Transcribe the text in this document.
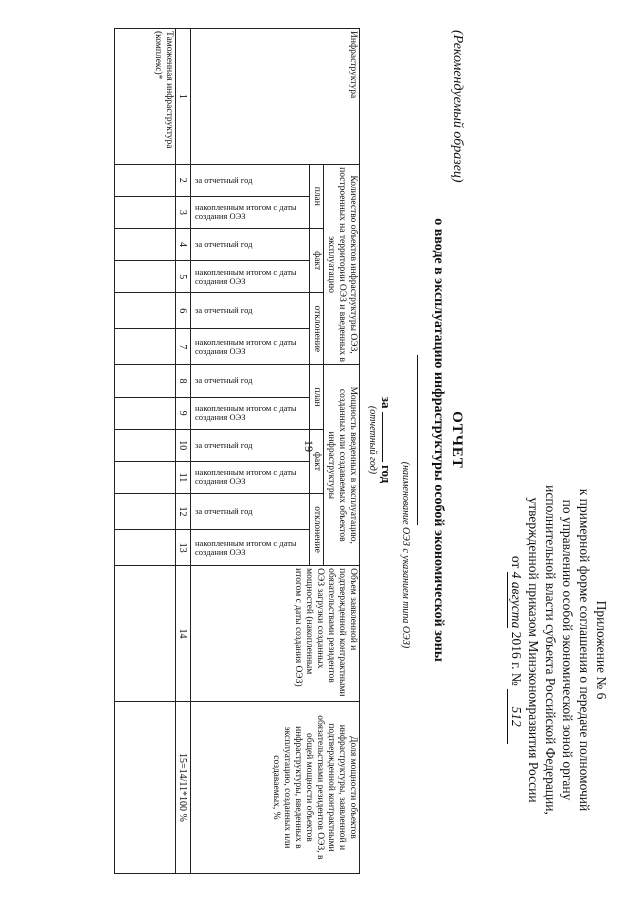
19
Приложение № 6
к примерной форме соглашения о передаче полномочий
по управлению особой экономической зоной органу
исполнительной власти субъекта Российской Федерации,
утвержденной приказом Минэкономразвития России
от 4 августа 2016 г. № 512
(Рекомендуемый образец)
ОТЧЕТ
о вводе в эксплуатацию инфраструктуры особой экономической зоны
(наименование ОЭЗ с указанием типа ОЭЗ)
за  год
(отчетный год)
Инфраструктура	Количество объектов инфраструктуры ОЭЗ, построенных на территории ОЭЗ и введенных в эксплуатацию						Мощность введенных в эксплуатацию, созданных или создаваемых объектов инфраструктуры						Объем заявленной и подтвержденной контрактными обязательствами резидентов ОЭЗ загрузки созданных мощностей (накопленным итогом с даты создания ОЭЗ)	Доля мощности объектов инфраструктуры, заявленной и подтвержденной контрактными обязательствами резидентов ОЭЗ, в общей мощности объектов инфраструктуры, введенных в эксплуатацию, созданных или создаваемых, %
	план		факт		отклонение		план		факт		отклонение			
	за отчетный год	накопленным итогом с даты создания ОЭЗ	за отчетный год	накопленным итогом с даты создания ОЭЗ	за отчетный год	накопленным итогом с даты создания ОЭЗ	за отчетный год	накопленным итогом с даты создания ОЭЗ	за отчетный год	накопленным итогом с даты создания ОЭЗ	за отчетный год	накопленным итогом с даты создания ОЭЗ		
1	2	3	4	5	6	7	8	9	10	11	12	13	14	15=14/11*100 %
Таможенная инфраструктура (комплекс)*														
